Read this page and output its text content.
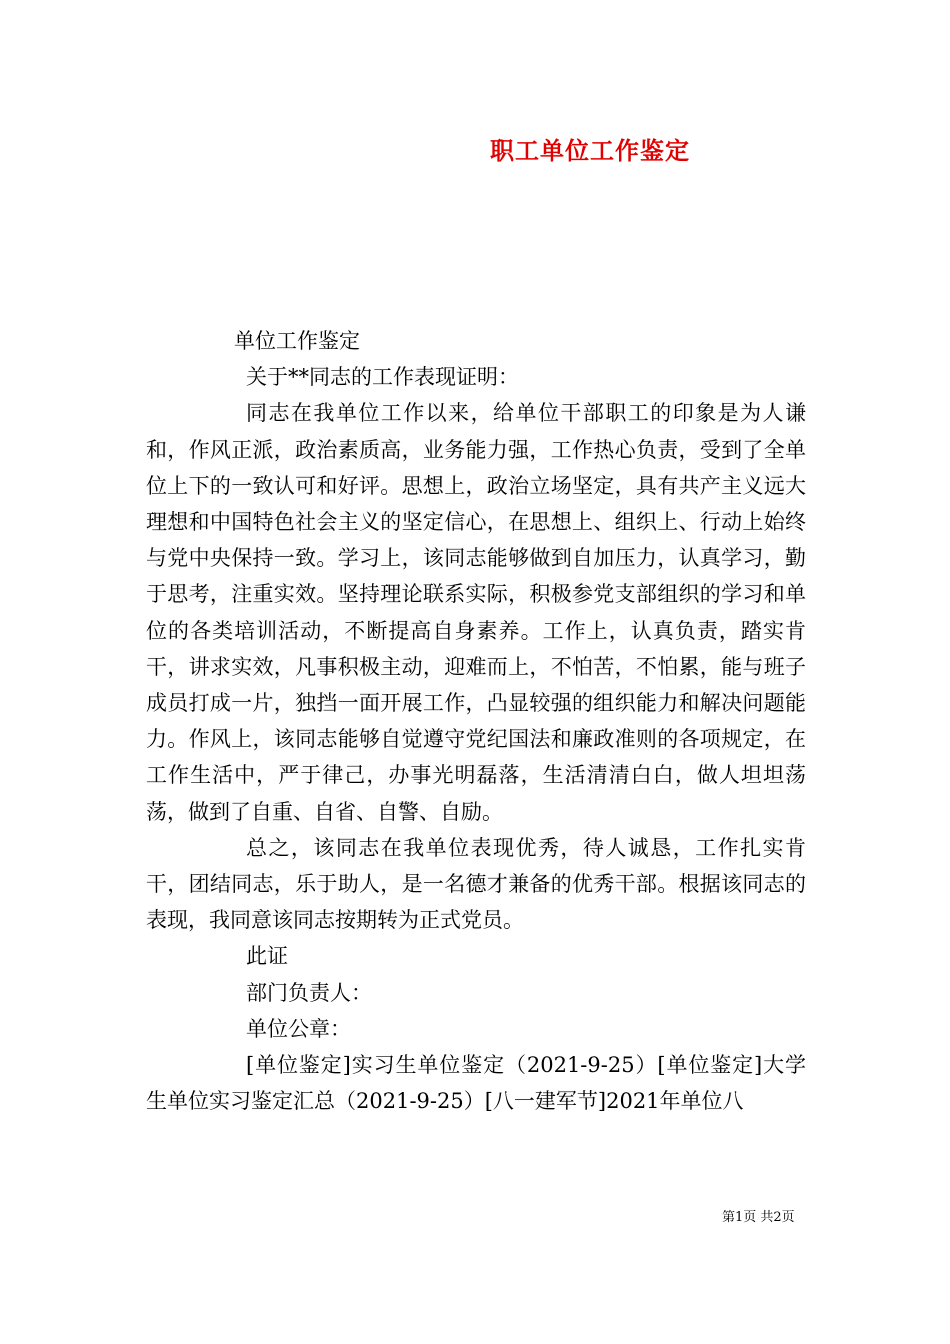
职工单位工作鉴定

单位工作鉴定

关于**同志的工作表现证明：

同志在我单位工作以来，给单位干部职工的印象是为人谦和，作风正派，政治素质高，业务能力强，工作热心负责，受到了全单位上下的一致认可和好评。思想上，政治立场坚定，具有共产主义远大理想和中国特色社会主义的坚定信心，在思想上、组织上、行动上始终与党中央保持一致。学习上，该同志能够做到自加压力，认真学习，勤于思考，注重实效。坚持理论联系实际，积极参党支部组织的学习和单位的各类培训活动，不断提高自身素养。工作上，认真负责，踏实肯干，讲求实效，凡事积极主动，迎难而上，不怕苦，不怕累，能与班子成员打成一片，独挡一面开展工作，凸显较强的组织能力和解决问题能力。作风上，该同志能够自觉遵守党纪国法和廉政准则的各项规定，在工作生活中，严于律己，办事光明磊落，生活清清白白，做人坦坦荡荡，做到了自重、自省、自警、自励。

总之，该同志在我单位表现优秀，待人诚恳，工作扎实肯干，团结同志，乐于助人，是一名德才兼备的优秀干部。根据该同志的表现，我同意该同志按期转为正式党员。

此证

部门负责人：

单位公章：

[单位鉴定]实习生单位鉴定（2021-9-25）[单位鉴定]大学生单位实习鉴定汇总（2021-9-25）[八一建军节]2021年单位八

第1页 共2页
